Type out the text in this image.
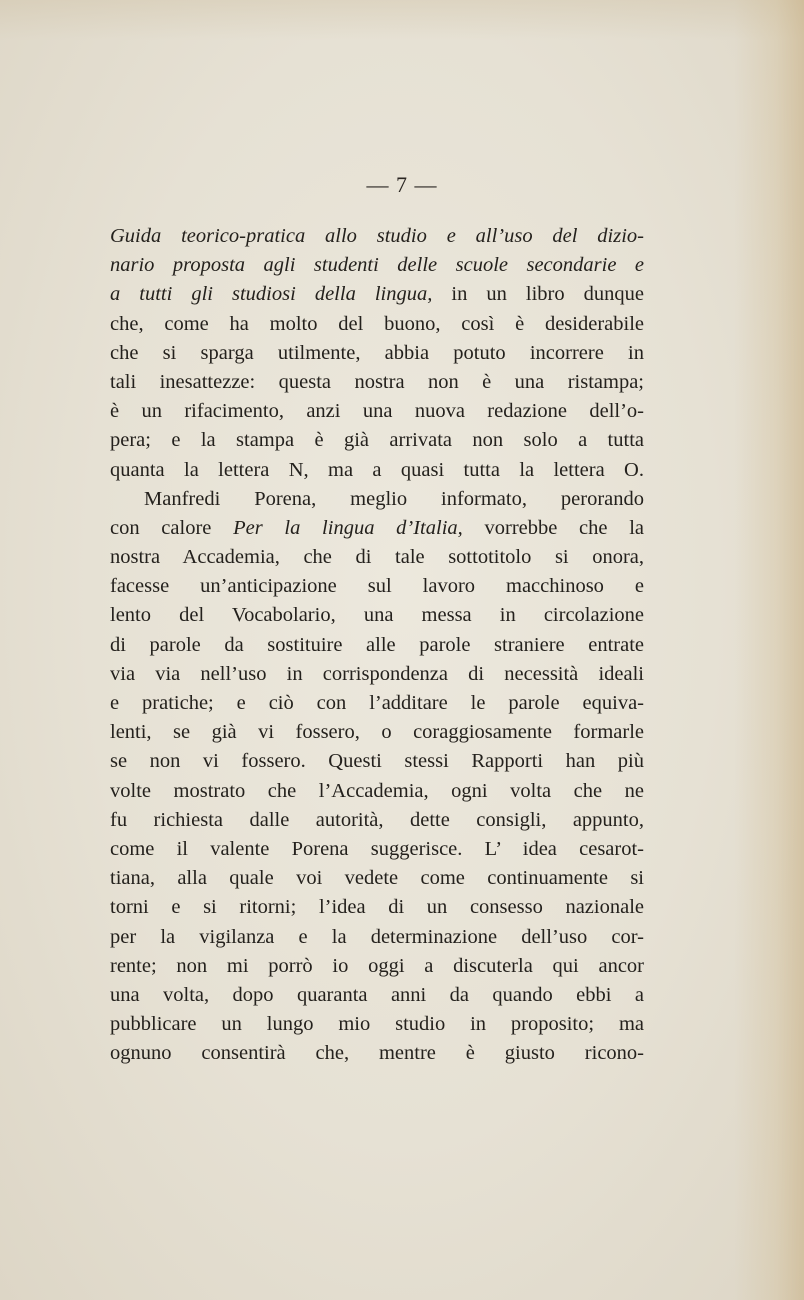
— 7 —
Guida teorico-pratica allo studio e all’uso del dizio-
nario proposta agli studenti delle scuole secondarie e
a tutti gli studiosi della lingua, in un libro dunque
che, come ha molto del buono, così è desiderabile
che si sparga utilmente, abbia potuto incorrere in
tali inesattezze: questa nostra non è una ristampa;
è un rifacimento, anzi una nuova redazione dell’o-
pera; e la stampa è già arrivata non solo a tutta
quanta la lettera N, ma a quasi tutta la lettera O.
Manfredi Porena, meglio informato, perorando
con calore Per la lingua d’Italia, vorrebbe che la
nostra Accademia, che di tale sottotitolo si onora,
facesse un’anticipazione sul lavoro macchinoso e
lento del Vocabolario, una messa in circolazione
di parole da sostituire alle parole straniere entrate
via via nell’uso in corrispondenza di necessità ideali
e pratiche; e ciò con l’additare le parole equiva-
lenti, se già vi fossero, o coraggiosamente formarle
se non vi fossero. Questi stessi Rapporti han più
volte mostrato che l’Accademia, ogni volta che ne
fu richiesta dalle autorità, dette consigli, appunto,
come il valente Porena suggerisce. L’ idea cesarot-
tiana, alla quale voi vedete come continuamente si
torni e si ritorni; l’idea di un consesso nazionale
per la vigilanza e la determinazione dell’uso cor-
rente; non mi porrò io oggi a discuterla qui ancor
una volta, dopo quaranta anni da quando ebbi a
pubblicare un lungo mio studio in proposito; ma
ognuno consentirà che, mentre è giusto ricono-
